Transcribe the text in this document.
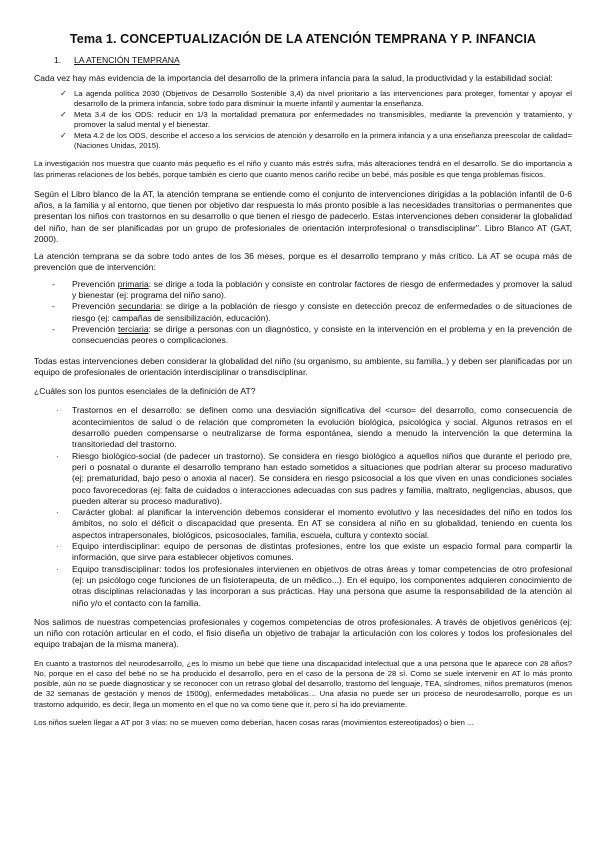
Tema 1. CONCEPTUALIZACIÓN DE LA ATENCIÓN TEMPRANA Y P. INFANCIA
1. LA ATENCIÓN TEMPRANA

Cada vez hay más evidencia de la importancia del desarrollo de la primera infancia para la salud, la productividad y la estabilidad social:

✓ La agenda política 2030 (Objetivos de Desarrollo Sostenible 3,4) da nivel prioritario a las intervenciones para proteger, fomentar y apoyar el desarrollo de la primera infancia, sobre todo para disminuir la muerte infantil y aumentar la enseñanza.
✓ Meta 3.4 de los ODS: reducir en 1/3 la mortalidad prematura por enfermedades no transmisibles, mediante la prevención y tratamiento, y promover la salud mental y el bienestar.
✓ Meta 4.2 de los ODS, describe el acceso a los servicios de atención y desarrollo en la primera infancia y a una enseñanza preescolar de calidad= (Naciones Unidas, 2015).

La investigación nos muestra que cuanto más pequeño es el niño y cuanto más estrés sufra, más alteraciones tendrá en el desarrollo. Se dio importancia a las primeras relaciones de los bebés, porque también es cierto que cuanto menos cariño recibe un bebé, más posible es que tenga problemas físicos.

Según el Libro blanco de la AT, la atención temprana se entiende como el conjunto de intervenciones dirigidas a la población infantil de 0-6 años, a la familia y al entorno, que tienen por objetivo dar respuesta lo más pronto posible a las necesidades transitorias o permanentes que presentan los niños con trastornos en su desarrollo o que tienen el riesgo de padecerlo. Estas intervenciones deben considerar la globalidad del niño, han de ser planificadas por un grupo de profesionales de orientación interprofesional o transdisciplinar". Libro Blanco AT (GAT, 2000).

La atención temprana se da sobre todo antes de los 36 meses, porque es el desarrollo temprano y más crítico. La AT se ocupa más de prevención que de intervención:

- Prevención primaria: se dirige a toda la población y consiste en controlar factores de riesgo de enfermedades y promover la salud y bienestar (ej: programa del niño sano).
- Prevención secundaria: se dirige a la población de riesgo y consiste en detección precoz de enfermedades o de situaciones de riesgo (ej: campañas de sensibilización, educación).
- Prevención terciaria: se dirige a personas con un diagnóstico, y consiste en la intervención en el problema y en la prevención de consecuencias peores o complicaciones.

Todas estas intervenciones deben considerar la globalidad del niño (su organismo, su ambiente, su familia..) y deben ser planificadas por un equipo de profesionales de orientación interdisciplinar o transdisciplinar.

¿Cuáles son los puntos esenciales de la definición de AT?

· Trastornos en el desarrollo: se definen como una desviación significativa del <curso= del desarrollo, como consecuencia de acontecimientos de salud o de relación que comprometen la evolución biológica, psicológica y social. Algunos retrasos en el desarrollo pueden compensarse o neutralizarse de forma espontánea, siendo a menudo la intervención la que determina la transitoriedad del trastorno.
· Riesgo biológico-social (de padecer un trastorno). Se considera en riesgo biológico a aquellos niños que durante el periodo pre, peri o posnatal o durante el desarrollo temprano han estado sometidos a situaciones que podrían alterar su proceso madurativo (ej: prematuridad, bajo peso o anoxia al nacer). Se considera en riesgo psicosocial a los que viven en unas condiciones sociales poco favorecedoras (ej: falta de cuidados o interacciones adecuadas con sus padres y familia, maltrato, negligencias, abusos, que pueden alterar su proceso madurativo).
· Carácter global: al planificar la intervención debemos considerar el momento evolutivo y las necesidades del niño en todos los ámbitos, no solo el déficit o discapacidad que presenta. En AT se considera al niño en su globalidad, teniendo en cuenta los aspectos intrapersonales, biológicos, psicosociales, familia, escuela, cultura y contexto social.
· Equipo interdisciplinar: equipo de personas de distintas profesiones, entre los que existe un espacio formal para compartir la información, que sirve para establecer objetivos comunes.
· Equipo transdisciplinar: todos los profesionales intervienen en objetivos de otras áreas y tomar competencias de otro profesional (ej: un psicólogo coge funciones de un fisioterapeuta, de un médico...). En el equipo, los componentes adquieren conocimiento de otras disciplinas relacionadas y las incorporan a sus prácticas. Hay una persona que asume la responsabilidad de la atención al niño y/o el contacto con la familia.

Nos salimos de nuestras competencias profesionales y cogemos competencias de otros profesionales. A través de objetivos genéricos (ej: un niño con rotación articular en el codo, el fisio diseña un objetivo de trabajar la articulación con los colores y todos los profesionales del equipo trabajan de la misma manera).

En cuanto a trastornos del neurodesarrollo, ¿es lo mismo un bebé que tiene una discapacidad intelectual que a una persona que le aparece con 28 años? No, porque en el caso del bebé no se ha producido el desarrollo, pero en el caso de la persona de 28 sí. Como se suele intervenir en AT lo más pronto posible, aún no se puede diagnosticar y se reconocer con un retraso global del desarrollo, trastorno del lenguaje, TEA, síndromes, niños prematuros (menos de 32 semanas de gestación y menos de 1500g), enfermedades metabólicas… Una afasia no puede ser un proceso de neurodesarrollo, porque es un trastorno adquirido, es decir, llega un momento en el que no va como tiene que ir, pero sí ha ido previamente.

Los niños suelen llegar a AT por 3 vías: no se mueven como deberían, hacen cosas raras (movimientos estereotipados) o bien ...
